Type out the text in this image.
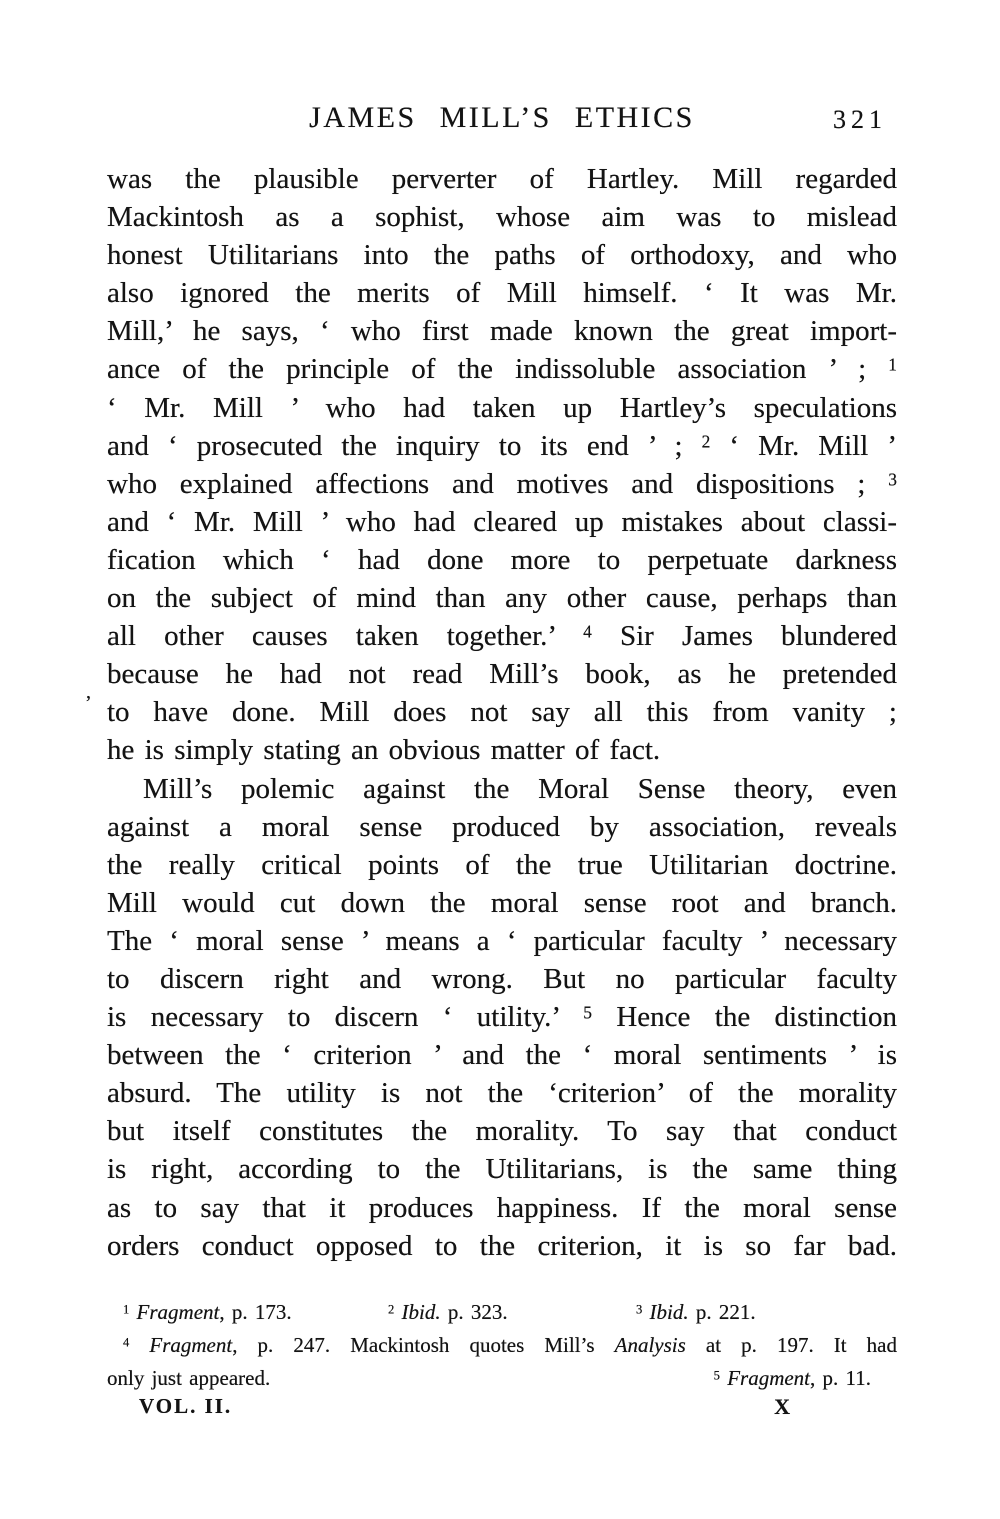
JAMES MILL’S ETHICS	321
’
was the plausible perverter of Hartley. Mill regarded
Mackintosh as a sophist, whose aim was to mislead
honest Utilitarians into the paths of orthodoxy, and who
also ignored the merits of Mill himself. ‘ It was Mr.
Mill,’ he says, ‘ who first made known the great import-
ance of the principle of the indissoluble association ’ ; $^1$
‘ Mr. Mill ’ who had taken up Hartley’s speculations
and ‘ prosecuted the inquiry to its end ’ ; $^2$ ‘ Mr. Mill ’
who explained affections and motives and dispositions ; $^3$
and ‘ Mr. Mill ’ who had cleared up mistakes about classi-
fication which ‘ had done more to perpetuate darkness
on the subject of mind than any other cause, perhaps than
all other causes taken together.’ $^4$ Sir James blundered
because he had not read Mill’s book, as he pretended
to have done. Mill does not say all this from vanity ;
he is simply stating an obvious matter of fact.
Mill’s polemic against the Moral Sense theory, even
against a moral sense produced by association, reveals
the really critical points of the true Utilitarian doctrine.
Mill would cut down the moral sense root and branch.
The ‘ moral sense ’ means a ‘ particular faculty ’ necessary
to discern right and wrong. But no particular faculty
is necessary to discern ‘ utility.’ $^5$ Hence the distinction
between the ‘ criterion ’ and the ‘ moral sentiments ’ is
absurd. The utility is not the ‘criterion’ of the morality
but itself constitutes the morality. To say that conduct
is right, according to the Utilitarians, is the same thing
as to say that it produces happiness. If the moral sense
orders conduct opposed to the criterion, it is so far bad.
$^1$ Fragment, p. 173.	$^2$ Ibid. p. 323.	$^3$ Ibid. p. 221.
$^4$ Fragment, p. 247. Mackintosh quotes Mill’s Analysis at p. 197. It had
only just appeared.	$^5$ Fragment, p. 11.
VOL. II.	X
